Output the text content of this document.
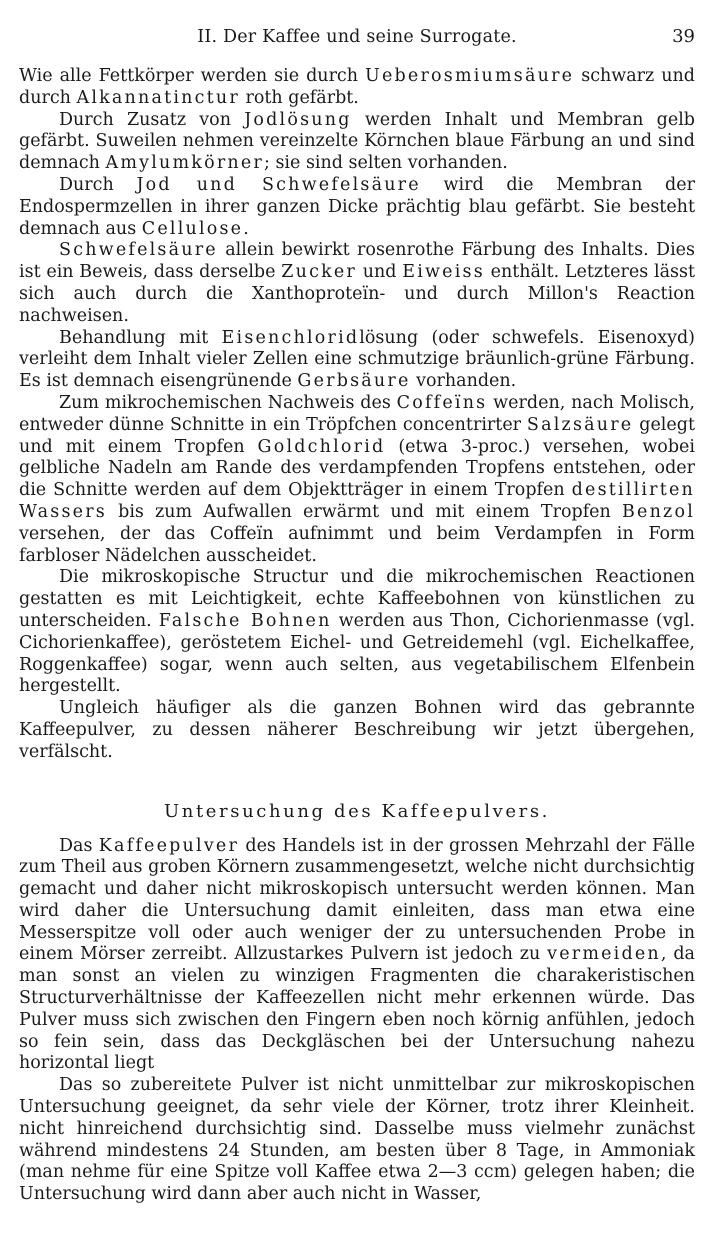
II. Der Kaffee und seine Surrogate.	39

Wie alle Fettkörper werden sie durch Ueberosmiumsäure schwarz und durch Alkannatinctur roth gefärbt.

Durch Zusatz von Jodlösung werden Inhalt und Membran gelb gefärbt. Suweilen nehmen vereinzelte Körnchen blaue Färbung an und sind demnach Amylumkörner; sie sind selten vorhanden.

Durch Jod und Schwefelsäure wird die Membran der Endospermzellen in ihrer ganzen Dicke prächtig blau gefärbt. Sie besteht demnach aus Cellulose.

Schwefelsäure allein bewirkt rosenrothe Färbung des Inhalts. Dies ist ein Beweis, dass derselbe Zucker und Eiweiss enthält. Letzteres lässt sich auch durch die Xanthoproteïn- und durch Millon's Reaction nachweisen.

Behandlung mit Eisenchloridlösung (oder schwefels. Eisenoxyd) verleiht dem Inhalt vieler Zellen eine schmutzige bräunlich-grüne Färbung. Es ist demnach eisengrünende Gerbsäure vorhanden.

Zum mikrochemischen Nachweis des Coffeïns werden, nach Molisch, entweder dünne Schnitte in ein Tröpfchen concentrirter Salzsäure gelegt und mit einem Tropfen Goldchlorid (etwa 3-proc.) versehen, wobei gelbliche Nadeln am Rande des verdampfenden Tropfens entstehen, oder die Schnitte werden auf dem Objektträger in einem Tropfen destillirten Wassers bis zum Aufwallen erwärmt und mit einem Tropfen Benzol versehen, der das Coffeïn aufnimmt und beim Verdampfen in Form farbloser Nädelchen ausscheidet.

Die mikroskopische Structur und die mikrochemischen Reactionen gestatten es mit Leichtigkeit, echte Kaffeebohnen von künstlichen zu unterscheiden. Falsche Bohnen werden aus Thon, Cichorienmasse (vgl. Cichorienkaffee), geröstetem Eichel- und Getreidemehl (vgl. Eichelkaffee, Roggenkaffee) sogar, wenn auch selten, aus vegetabilischem Elfenbein hergestellt.

Ungleich häufiger als die ganzen Bohnen wird das gebrannte Kaffeepulver, zu dessen näherer Beschreibung wir jetzt übergehen, verfälscht.

Untersuchung des Kaffeepulvers.

Das Kaffeepulver des Handels ist in der grossen Mehrzahl der Fälle zum Theil aus groben Körnern zusammengesetzt, welche nicht durchsichtig gemacht und daher nicht mikroskopisch untersucht werden können. Man wird daher die Untersuchung damit einleiten, dass man etwa eine Messerspitze voll oder auch weniger der zu untersuchenden Probe in einem Mörser zerreibt. Allzustarkes Pulvern ist jedoch zu vermeiden, da man sonst an vielen zu winzigen Fragmenten die charakeristischen Structurverhältnisse der Kaffeezellen nicht mehr erkennen würde. Das Pulver muss sich zwischen den Fingern eben noch körnig anfühlen, jedoch so fein sein, dass das Deckgläschen bei der Untersuchung nahezu horizontal liegt

Das so zubereitete Pulver ist nicht unmittelbar zur mikroskopischen Untersuchung geeignet, da sehr viele der Körner, trotz ihrer Kleinheit. nicht hinreichend durchsichtig sind. Dasselbe muss vielmehr zunächst während mindestens 24 Stunden, am besten über 8 Tage, in Ammoniak (man nehme für eine Spitze voll Kaffee etwa 2—3 ccm) gelegen haben; die Untersuchung wird dann aber auch nicht in Wasser,
